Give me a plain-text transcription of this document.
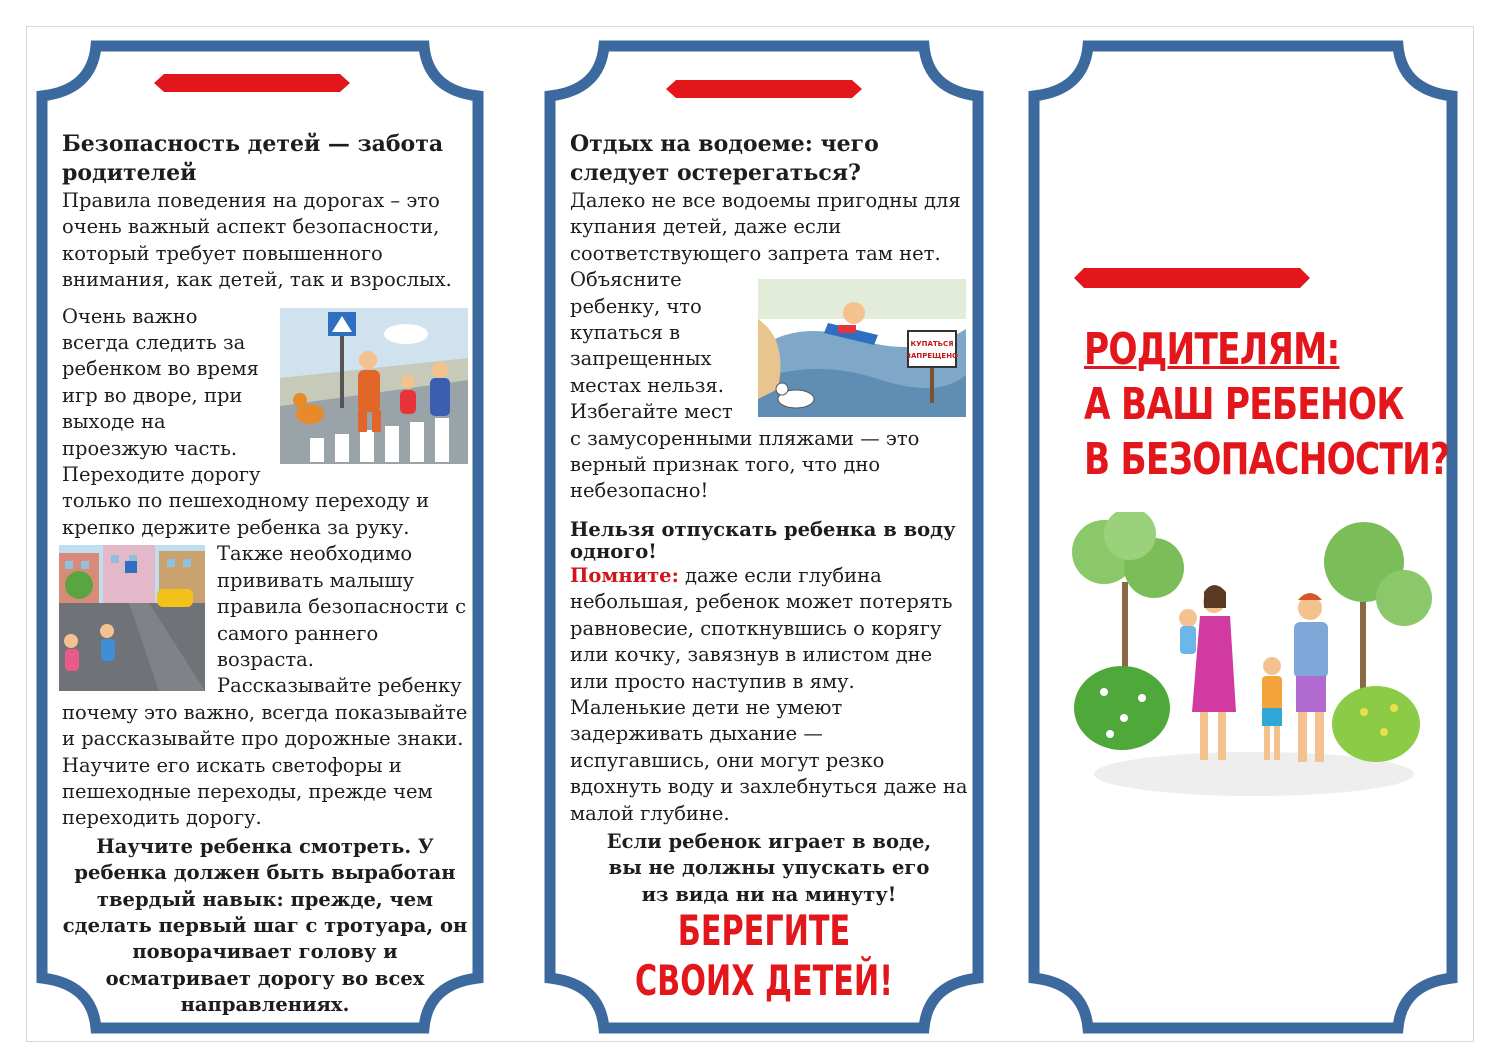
Безопасность детей — забота родителей

Правила поведения на дорогах – это очень важный аспект безопасности, который требует повышенного внимания, как детей, так и взрослых.

Очень важно всегда следить за ребенком во время игр во дворе, при выходе на проезжую часть. Переходите дорогу только по пешеходному переходу и крепко держите ребенка за руку.

Также необходимо прививать малышу правила безопасности с самого раннего возраста. Рассказывайте ребенку почему это важно, всегда показывайте и рассказывайте про дорожные знаки. Научите его искать светофоры и пешеходные переходы, прежде чем переходить дорогу.

Научите ребенка смотреть. У ребенка должен быть выработан твердый навык: прежде, чем сделать первый шаг с тротуара, он поворачивает голову и осматривает дорогу во всех направлениях.
Отдых на водоеме: чего следует остерегаться?

Далеко не все водоемы пригодны для купания детей, даже если соответствующего запрета там нет.

КУПАТЬСЯ
ЗАПРЕЩЕНО

Объясните ребенку, что купаться в запрещенных местах нельзя. Избегайте мест с замусоренными пляжами — это верный признак того, что дно небезопасно!

Нельзя отпускать ребенка в воду одного!

Помните: даже если глубина небольшая, ребенок может потерять равновесие, споткнувшись о корягу или кочку, завязнув в илистом дне или просто наступив в яму. Маленькие дети не умеют задерживать дыхание — испугавшись, они могут резко вдохнуть воду и захлебнуться даже на малой глубине.

Если ребенок играет в воде, вы не должны упускать его из вида ни на минуту!
БЕРЕГИТЕ
СВОИХ ДЕТЕЙ!
РОДИТЕЛЯМ:
А ВАШ РЕБЕНОК
В БЕЗОПАСНОСТИ?
